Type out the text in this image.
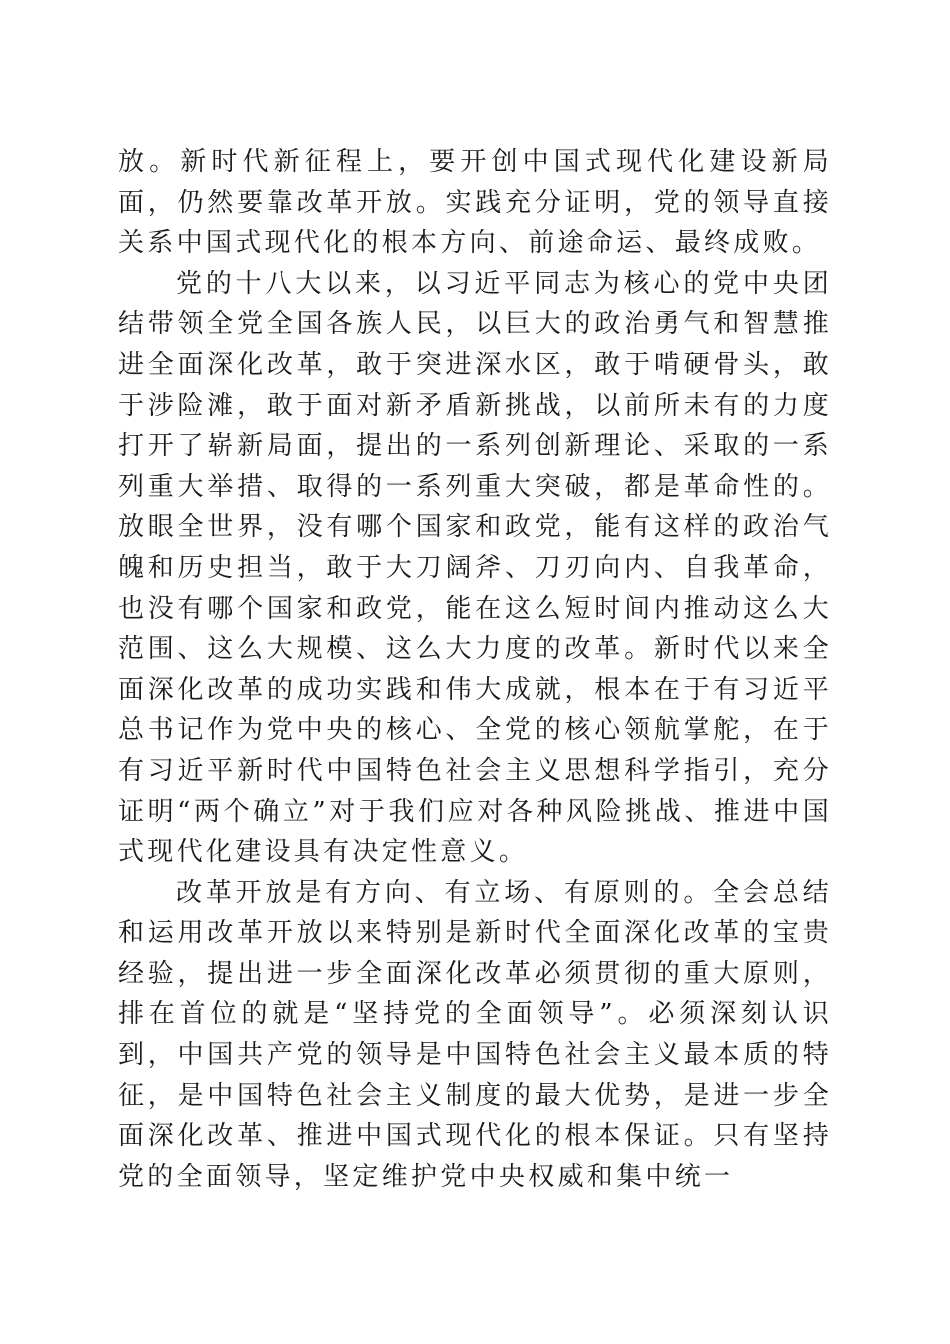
放。新时代新征程上，要开创中国式现代化建设新局面，仍然要靠改革开放。实践充分证明，党的领导直接关系中国式现代化的根本方向、前途命运、最终成败。

党的十八大以来，以习近平同志为核心的党中央团结带领全党全国各族人民，以巨大的政治勇气和智慧推进全面深化改革，敢于突进深水区，敢于啃硬骨头，敢于涉险滩，敢于面对新矛盾新挑战，以前所未有的力度打开了崭新局面，提出的一系列创新理论、采取的一系列重大举措、取得的一系列重大突破，都是革命性的。放眼全世界，没有哪个国家和政党，能有这样的政治气魄和历史担当，敢于大刀阔斧、刀刃向内、自我革命，也没有哪个国家和政党，能在这么短时间内推动这么大范围、这么大规模、这么大力度的改革。新时代以来全面深化改革的成功实践和伟大成就，根本在于有习近平总书记作为党中央的核心、全党的核心领航掌舵，在于有习近平新时代中国特色社会主义思想科学指引，充分证明“两个确立”对于我们应对各种风险挑战、推进中国式现代化建设具有决定性意义。

改革开放是有方向、有立场、有原则的。全会总结和运用改革开放以来特别是新时代全面深化改革的宝贵经验，提出进一步全面深化改革必须贯彻的重大原则，排在首位的就是“坚持党的全面领导”。必须深刻认识到，中国共产党的领导是中国特色社会主义最本质的特征，是中国特色社会主义制度的最大优势，是进一步全面深化改革、推进中国式现代化的根本保证。只有坚持党的全面领导，坚定维护党中央权威和集中统一
